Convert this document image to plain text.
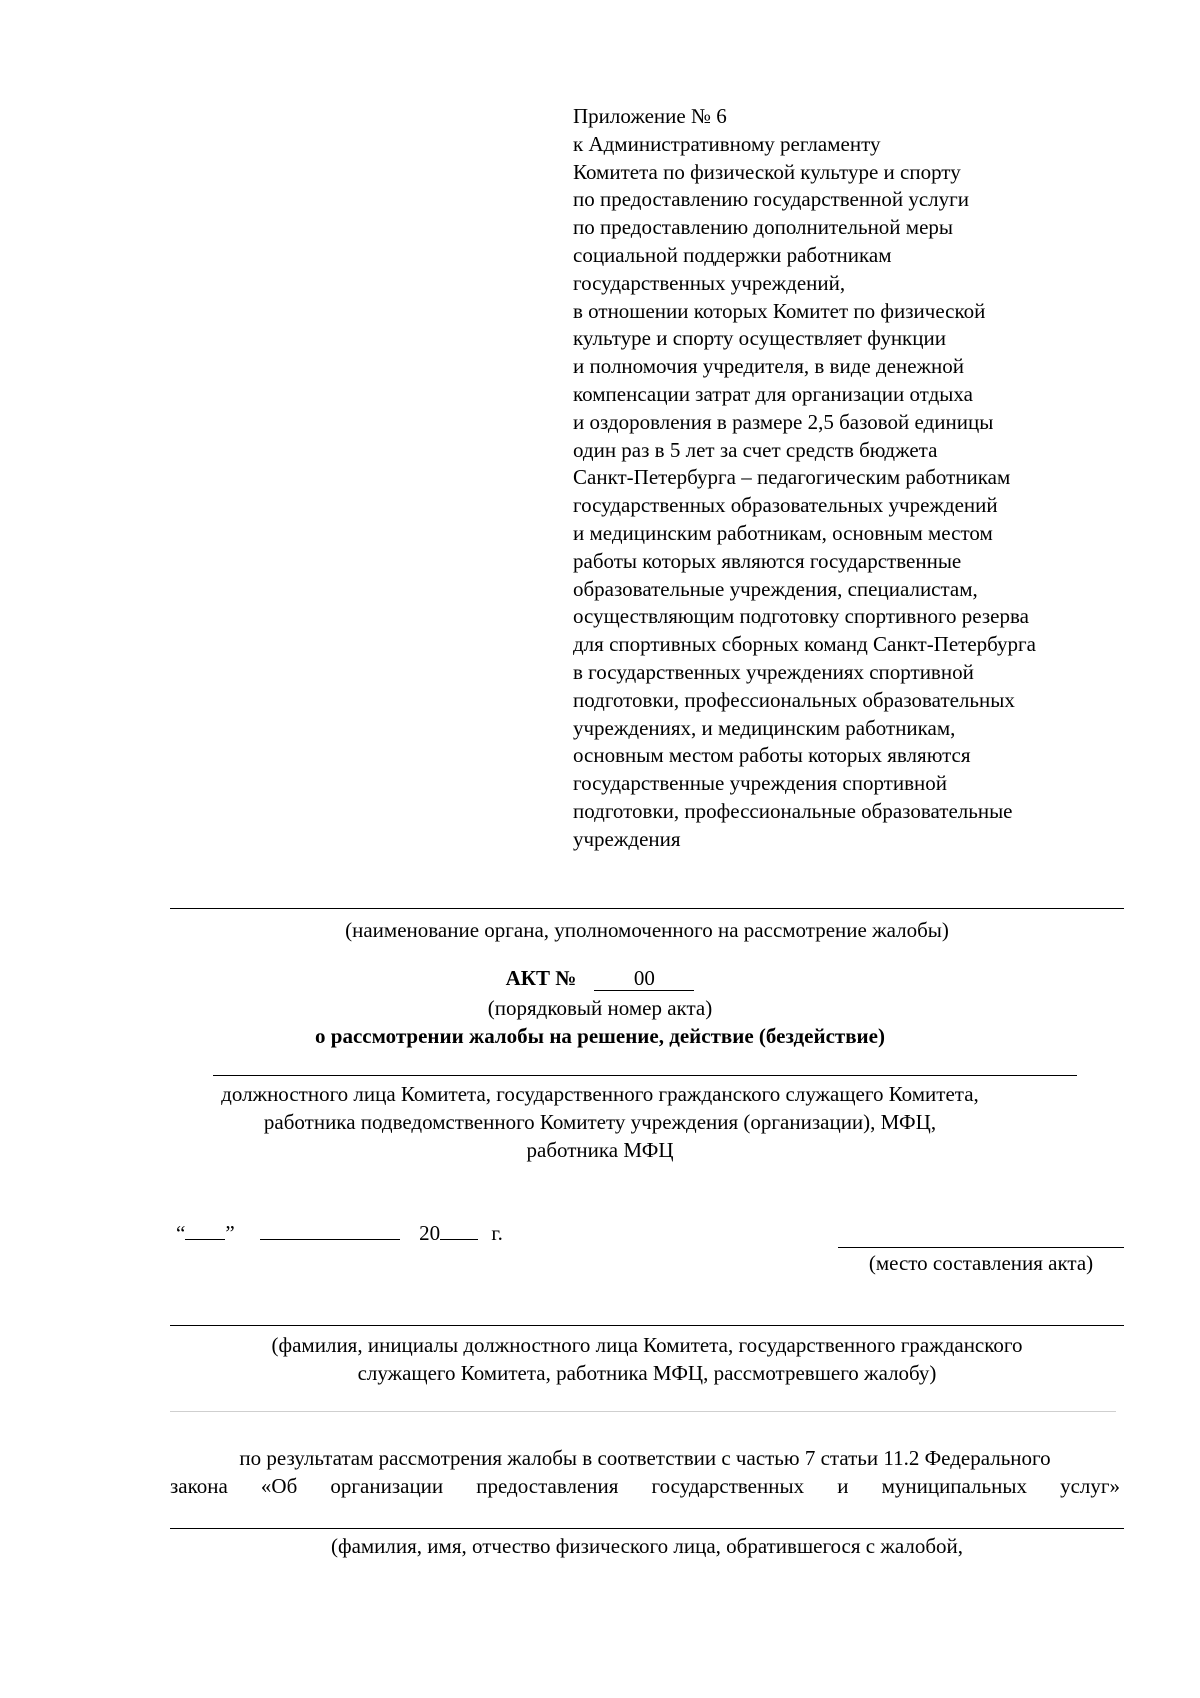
Приложение № 6
к Административному регламенту
Комитета по физической культуре и спорту
по предоставлению государственной услуги
по предоставлению дополнительной меры
социальной поддержки работникам
государственных учреждений,
в отношении которых Комитет по физической
культуре и спорту осуществляет функции
и полномочия учредителя, в виде денежной
компенсации затрат для организации отдыха
и оздоровления в размере 2,5 базовой единицы
один раз в 5 лет за счет средств бюджета
Санкт-Петербурга – педагогическим работникам
государственных образовательных учреждений
и медицинским работникам, основным местом
работы которых являются государственные
образовательные учреждения, специалистам,
осуществляющим подготовку спортивного резерва
для спортивных сборных команд Санкт-Петербурга
в государственных учреждениях спортивной
подготовки, профессиональных образовательных
учреждениях, и медицинским работникам,
основным местом работы которых являются
государственные учреждения спортивной
подготовки, профессиональные образовательные
учреждения
(наименование органа, уполномоченного на рассмотрение жалобы)
АКТ №	00
(порядковый номер акта)
о рассмотрении жалобы на решение, действие (бездействие)
должностного лица Комитета, государственного гражданского служащего Комитета,
работника подведомственного Комитету учреждения (организации), МФЦ,
работника МФЦ
“ ”	20 г.
(место составления акта)
(фамилия, инициалы должностного лица Комитета, государственного гражданского
служащего Комитета, работника МФЦ, рассмотревшего жалобу)
по результатам рассмотрения жалобы в соответствии с частью 7 статьи 11.2 Федерального
закона «Об организации предоставления государственных и муниципальных услуг»
(фамилия, имя, отчество физического лица, обратившегося с жалобой,
